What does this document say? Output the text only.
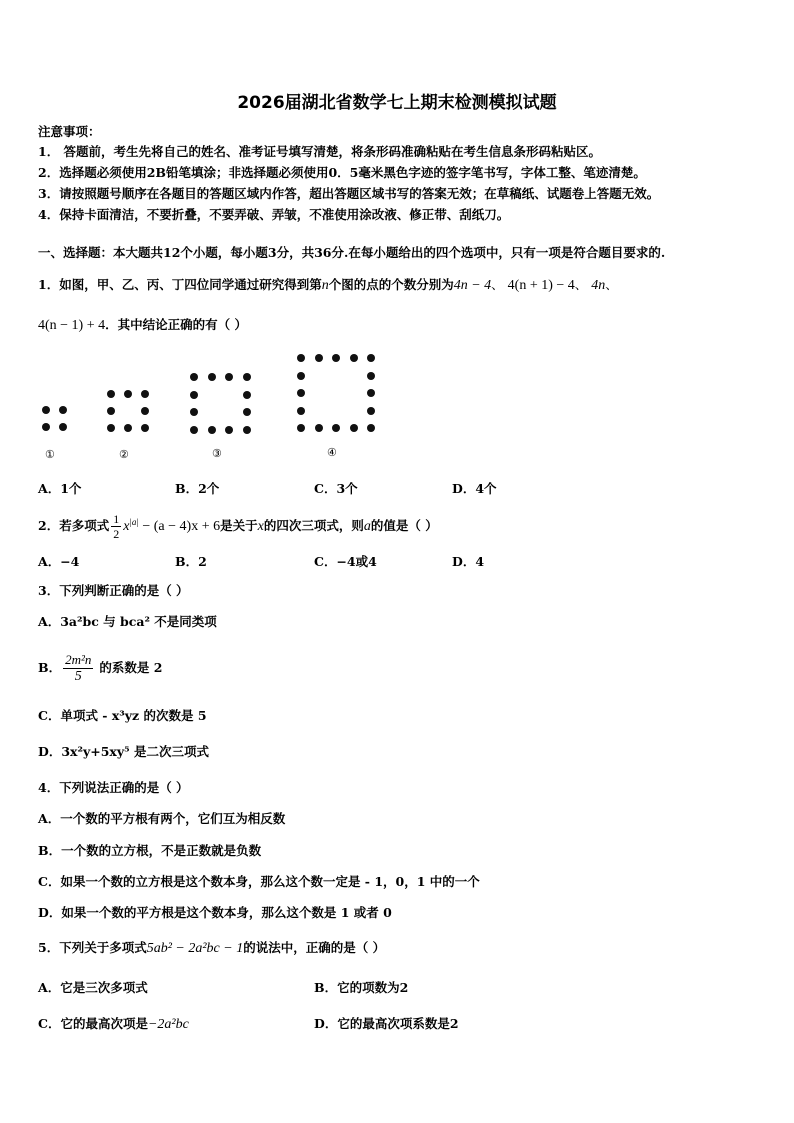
2026届湖北省数学七上期末检测模拟试题
注意事项：
1． 答题前，考生先将自己的姓名、准考证号填写清楚，将条形码准确粘贴在考生信息条形码粘贴区。
2．选择题必须使用2B铅笔填涂；非选择题必须使用0．5毫米黑色字迹的签字笔书写，字体工整、笔迹清楚。
3．请按照题号顺序在各题目的答题区域内作答，超出答题区域书写的答案无效；在草稿纸、试题卷上答题无效。
4．保持卡面清洁，不要折叠，不要弄破、弄皱，不准使用涂改液、修正带、刮纸刀。
一、选择题：本大题共12个小题，每小题3分，共36分.在每小题给出的四个选项中，只有一项是符合题目要求的.
1．如图，甲、乙、丙、丁四位同学通过研究得到第n个图的点的个数分别为4n − 4、 4(n + 1) − 4、 4n、
4(n − 1) + 4．其中结论正确的有（ ）
①	②	③	④
A．1个	B．2个	C．3个	D．4个
2．若多项式 $\frac{1}{2} x^{|a|} - (a - 4)x + 6$是关于x的四次三项式，则a的值是（ ）
A．−4	B．2	C．−4或4	D．4
3．下列判断正确的是（ ）
A．3a²bc 与 bca² 不是同类项
B． $\frac{\text{2m²n}}{5}$ 的系数是 2
C．单项式 - x³yz 的次数是 5
D．3x²y+5xy⁵ 是二次三项式
4．下列说法正确的是（ ）
A．一个数的平方根有两个，它们互为相反数
B．一个数的立方根，不是正数就是负数
C．如果一个数的立方根是这个数本身，那么这个数一定是 - 1，0，1 中的一个
D．如果一个数的平方根是这个数本身，那么这个数是 1 或者 0
5．下列关于多项式5ab² − 2a²bc − 1的说法中，正确的是（ ）
A．它是三次多项式	B．它的项数为2
C．它的最高次项是−2a²bc	D．它的最高次项系数是2
